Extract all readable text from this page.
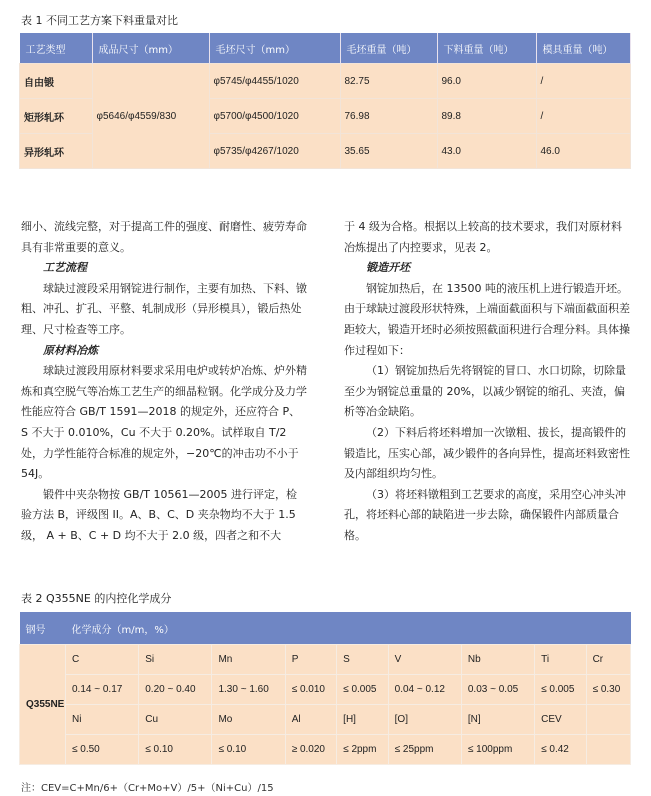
表 1 不同工艺方案下料重量对比
工艺类型	成品尺寸（mm）	毛坯尺寸（mm）	毛坯重量（吨）	下料重量（吨）	模具重量（吨）
自由锻	φ5646/φ4559/830	φ5745/φ4455/1020	82.75	96.0	/
矩形轧环		φ5700/φ4500/1020	76.98	89.8	/
异形轧环		φ5735/φ4267/1020	35.65	43.0	46.0

细小、流线完整，对于提高工件的强度、耐磨性、疲劳寿命具有非常重要的意义。

工艺流程

球缺过渡段采用钢锭进行制作，主要有加热、下料、镦粗、冲孔、扩孔、平整、轧制成形（异形模具），锻后热处理、尺寸检查等工序。

原材料冶炼

球缺过渡段用原材料要求采用电炉或转炉冶炼、炉外精炼和真空脱气等冶炼工艺生产的细晶粒钢。化学成分及力学性能应符合 GB/T 1591—2018 的规定外，还应符合 P、S 不大于 0.010%，Cu 不大于 0.20%。试样取自 T/2 处，力学性能符合标准的规定外，−20℃的冲击功不小于 54J。

锻件中夹杂物按 GB/T 10561—2005 进行评定，检验方法 B，评级图 II。A、B、C、D 夹杂物均不大于 1.5 级， A + B、C + D 均不大于 2.0 级，四者之和不大

于 4 级为合格。根据以上较高的技术要求，我们对原材料冶炼提出了内控要求，见表 2。

锻造开坯

钢锭加热后，在 13500 吨的液压机上进行锻造开坯。由于球缺过渡段形状特殊，上端面截面积与下端面截面积差距较大，锻造开坯时必须按照截面积进行合理分料。具体操作过程如下：

（1）钢锭加热后先将钢锭的冒口、水口切除，切除量至少为钢锭总重量的 20%，以减少钢锭的缩孔、夹渣，偏析等冶金缺陷。

（2）下料后将坯料增加一次镦粗、拔长，提高锻件的锻造比，压实心部，减少锻件的各向异性，提高坯料致密性及内部组织均匀性。

（3）将坯料镦粗到工艺要求的高度，采用空心冲头冲孔，将坯料心部的缺陷进一步去除，确保锻件内部质量合格。

表 2 Q355NE 的内控化学成分
钢号	化学成分（m/m，%）								
Q355NE	C	Si	Mn	P	S	V	Nb	Ti	Cr
	0.14 ~ 0.17	0.20 ~ 0.40	1.30 ~ 1.60	≤ 0.010	≤ 0.005	0.04 ~ 0.12	0.03 ~ 0.05	≤ 0.005	≤ 0.30
	Ni	Cu	Mo	Al	[H]	[O]	[N]	CEV	
	≤ 0.50	≤ 0.10	≤ 0.10	≥ 0.020	≤ 2ppm	≤ 25ppm	≤ 100ppm	≤ 0.42	
注：CEV=C+Mn/6+（Cr+Mo+V）/5+（Ni+Cu）/15
